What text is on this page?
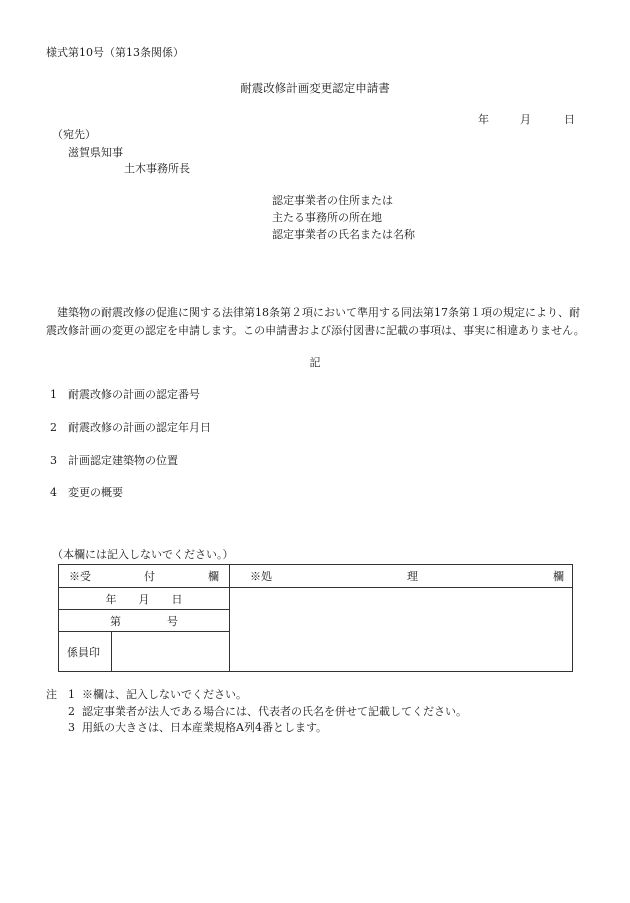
様式第10号（第13条関係）
耐震改修計画変更認定申請書
年	月	日
（宛先）
滋賀県知事
土木事務所長
認定事業者の住所または
主たる事務所の所在地
認定事業者の氏名または名称
建築物の耐震改修の促進に関する法律第18条第２項において準用する同法第17条第１項の規定により、耐震改修計画の変更の認定を申請します。この申請書および添付図書に記載の事項は、事実に相違ありません。
記
1 耐震改修の計画の認定番号
2 耐震改修の計画の認定年月日
3 計画認定建築物の位置
4 変更の概要
（本欄には記入しないでください。）
※受 付 欄		※処 理 欄

年 月 日		

第 号		

係員印		
注 1 ※欄は、記入しないでください。
2 認定事業者が法人である場合には、代表者の氏名を併せて記載してください。
3 用紙の大きさは、日本産業規格A列4番とします。
